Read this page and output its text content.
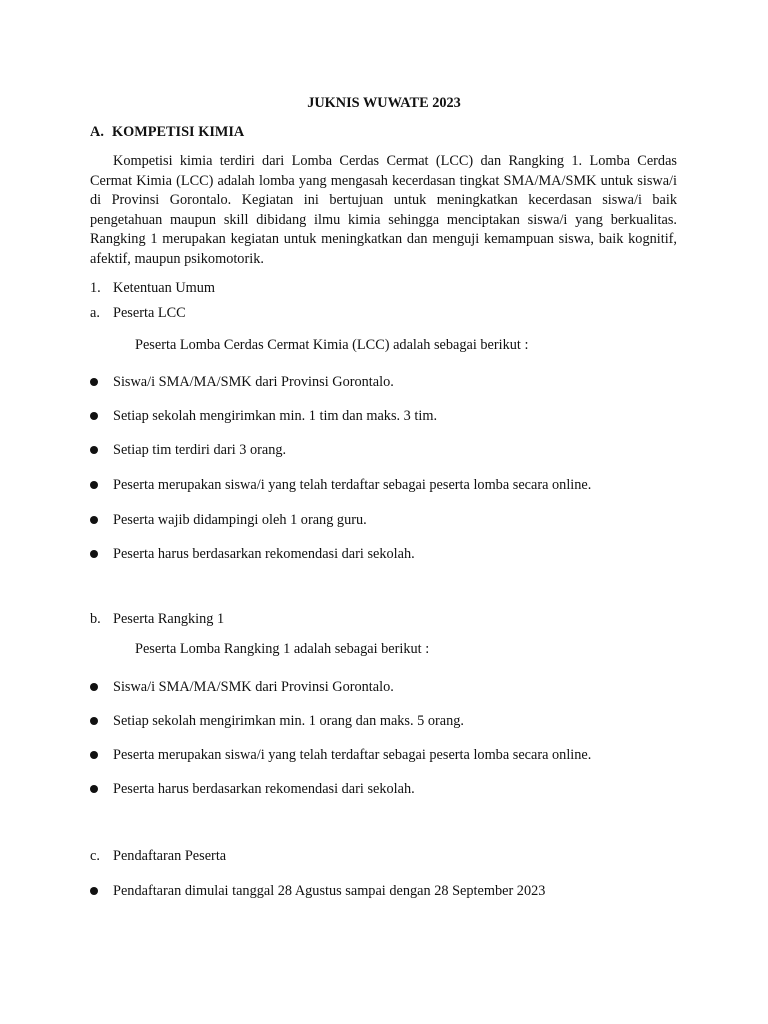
JUKNIS WUWATE 2023
A. KOMPETISI KIMIA

Kompetisi kimia terdiri dari Lomba Cerdas Cermat (LCC) dan Rangking 1. Lomba Cerdas Cermat Kimia (LCC) adalah lomba yang mengasah kecerdasan tingkat SMA/MA/SMK untuk siswa/i di Provinsi Gorontalo. Kegiatan ini bertujuan untuk meningkatkan kecerdasan siswa/i baik pengetahuan maupun skill dibidang ilmu kimia sehingga menciptakan siswa/i yang berkualitas. Rangking 1 merupakan kegiatan untuk meningkatkan dan menguji kemampuan siswa, baik kognitif, afektif, maupun psikomotorik.

1. Ketentuan Umum
a. Peserta LCC
Peserta Lomba Cerdas Cermat Kimia (LCC) adalah sebagai berikut :
Siswa/i SMA/MA/SMK dari Provinsi Gorontalo.
Setiap sekolah mengirimkan min. 1 tim dan maks. 3 tim.
Setiap tim terdiri dari 3 orang.
Peserta merupakan siswa/i yang telah terdaftar sebagai peserta lomba secara online.
Peserta wajib didampingi oleh 1 orang guru.
Peserta harus berdasarkan rekomendasi dari sekolah.
b. Peserta Rangking 1
Peserta Lomba Rangking 1 adalah sebagai berikut :
Siswa/i SMA/MA/SMK dari Provinsi Gorontalo.
Setiap sekolah mengirimkan min. 1 orang dan maks. 5 orang.
Peserta merupakan siswa/i yang telah terdaftar sebagai peserta lomba secara online.
Peserta harus berdasarkan rekomendasi dari sekolah.
c. Pendaftaran Peserta
Pendaftaran dimulai tanggal 28 Agustus sampai dengan 28 September 2023
